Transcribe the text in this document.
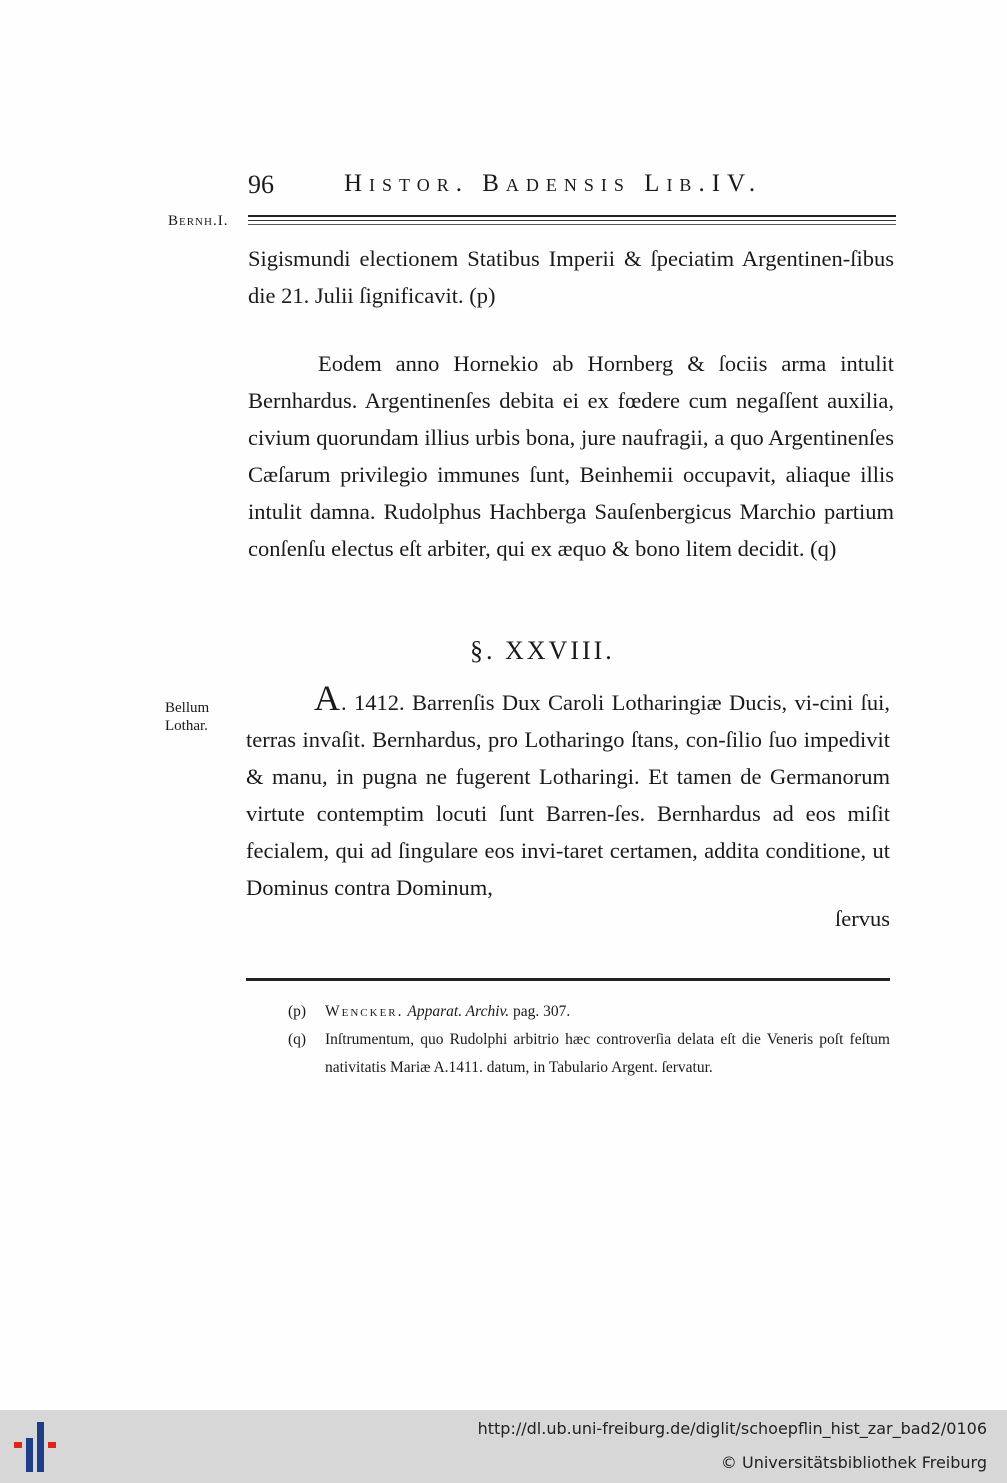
96	Histor. Badensis Lib.IV.
Bernh.I.
Sigismundi electionem Statibus Imperii & ſpeciatim Argentinen-ſibus die 21. Julii ſignificavit. (p)
Eodem anno Hornekio ab Hornberg & ſociis arma intulit Bernhardus. Argentinenſes debita ei ex fœdere cum negaſſent auxilia, civium quorundam illius urbis bona, jure naufragii, a quo Argentinenſes Cæſarum privilegio immunes ſunt, Beinhemii occupavit, aliaque illis intulit damna. Rudolphus Hachberga Sauſenbergicus Marchio partium conſenſu electus eſt arbiter, qui ex æquo & bono litem decidit. (q)
§. XXVIII.
Bellum
Lothar.
A. 1412. Barrenſis Dux Caroli Lotharingiæ Ducis, vi-cini ſui, terras invaſit. Bernhardus, pro Lotharingo ſtans, con-ſilio ſuo impedivit & manu, in pugna ne fugerent Lotharingi. Et tamen de Germanorum virtute contemptim locuti ſunt Barren-ſes. Bernhardus ad eos miſit fecialem, qui ad ſingulare eos invi-taret certamen, addita conditione, ut Dominus contra Dominum,
ſervus
(p) Wencker. Apparat. Archiv. pag. 307.
(q) Inſtrumentum, quo Rudolphi arbitrio hæc controverſia delata eſt die Veneris poſt feſtum nativitatis Mariæ A.1411. datum, in Tabulario Argent. ſervatur.
http://dl.ub.uni-freiburg.de/diglit/schoepflin_hist_zar_bad2/0106
© Universitätsbibliothek Freiburg
